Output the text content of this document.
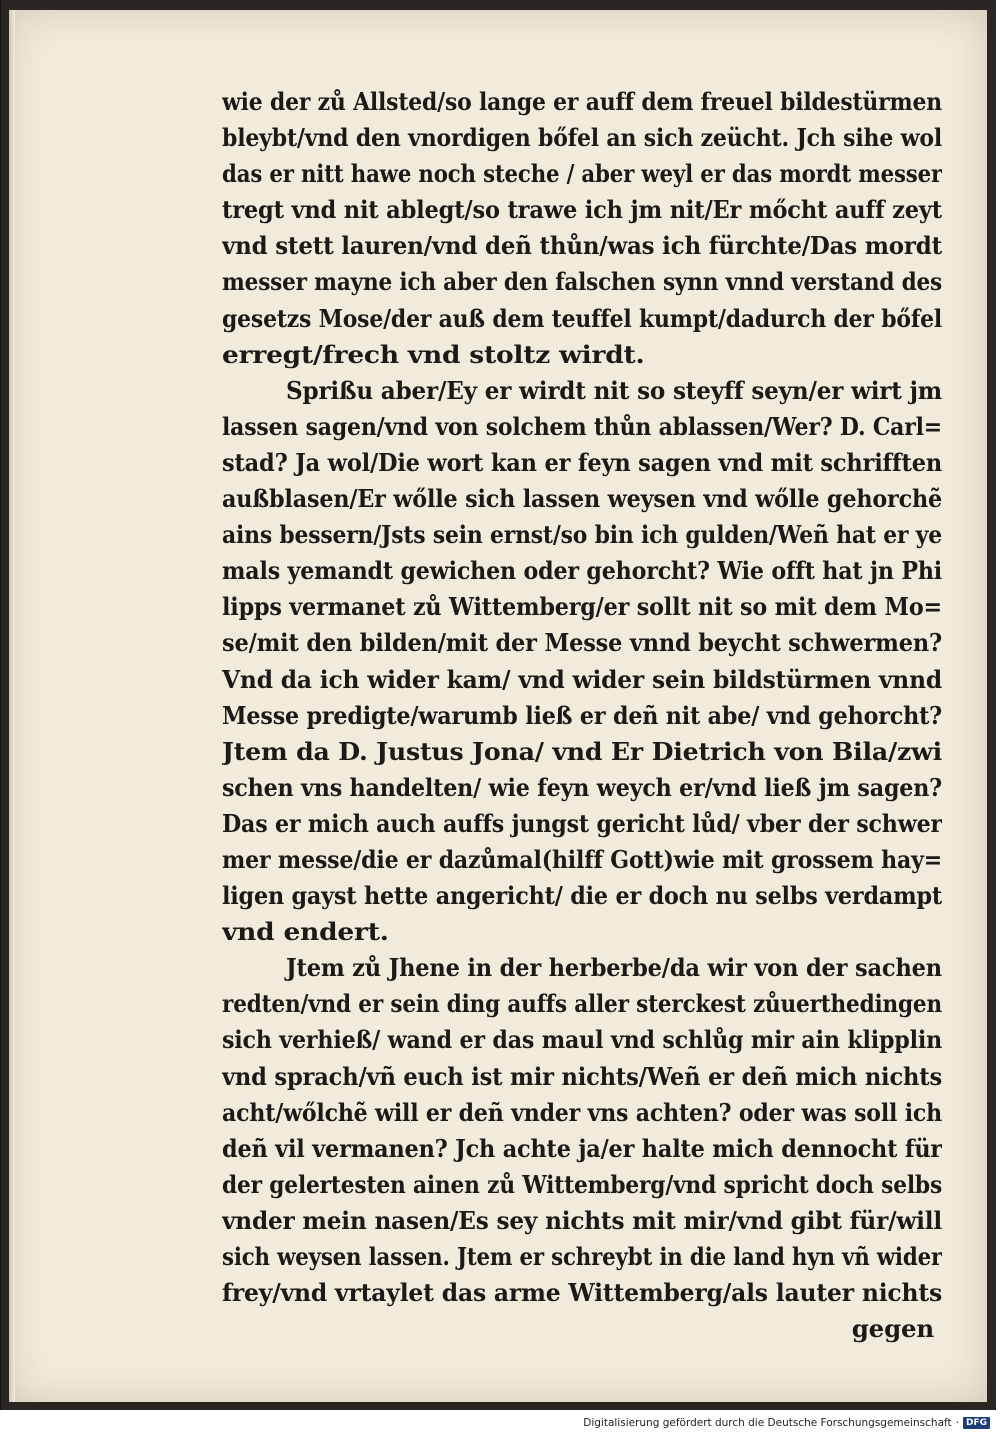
wie der zů Allsted/so lange er auff dem freuel bildestürmen
bleybt/vnd den vnordigen bőfel an sich zeücht. Jch sihe wol
das er nitt hawe noch steche / aber weyl er das mordt messer
tregt vnd nit ablegt/so trawe ich jm nit/Er mőcht auff zeyt
vnd stett lauren/vnd deñ thůn/was ich fürchte/Das mordt
messer mayne ich aber den falschen synn vnnd verstand des
gesetzs Mose/der auß dem teuffel kumpt/dadurch der bőfel
erregt/frech vnd stoltz wirdt.
Sprißu aber/Ey er wirdt nit so steyff seyn/er wirt jm
lassen sagen/vnd von solchem thůn ablassen/Wer? D. Carl=
stad? Ja wol/Die wort kan er feyn sagen vnd mit schrifften
außblasen/Er wőlle sich lassen weysen vnd wőlle gehorchẽ
ains bessern/Jsts sein ernst/so bin ich gulden/Weñ hat er ye
mals yemandt gewichen oder gehorcht? Wie offt hat jn Phi
lipps vermanet zů Wittemberg/er sollt nit so mit dem Mo=
se/mit den bilden/mit der Messe vnnd beycht schwermen?
Vnd da ich wider kam/ vnd wider sein bildstürmen vnnd
Messe predigte/warumb ließ er deñ nit abe/ vnd gehorcht?
Jtem da D. Justus Jona/ vnd Er Dietrich von Bila/zwi
schen vns handelten/ wie feyn weych er/vnd ließ jm sagen?
Das er mich auch auffs jungst gericht lůd/ vber der schwer
mer messe/die er dazůmal(hilff Gott)wie mit grossem hay=
ligen gayst hette angericht/ die er doch nu selbs verdampt
vnd endert.
Jtem zů Jhene in der herberbe/da wir von der sachen
redten/vnd er sein ding auffs aller sterckest zůuerthedingen
sich verhieß/ wand er das maul vnd schlůg mir ain klipplin
vnd sprach/vñ euch ist mir nichts/Weñ er deñ mich nichts
acht/wőlchẽ will er deñ vnder vns achten? oder was soll ich
deñ vil vermanen? Jch achte ja/er halte mich dennocht für
der gelertesten ainen zů Wittemberg/vnd spricht doch selbs
vnder mein nasen/Es sey nichts mit mir/vnd gibt für/will
sich weysen lassen. Jtem er schreybt in die land hyn vñ wider
frey/vnd vrtaylet das arme Wittemberg/als lauter nichts
gegen
Digitalisierung gefördert durch die Deutsche Forschungsgemeinschaft · DFG
